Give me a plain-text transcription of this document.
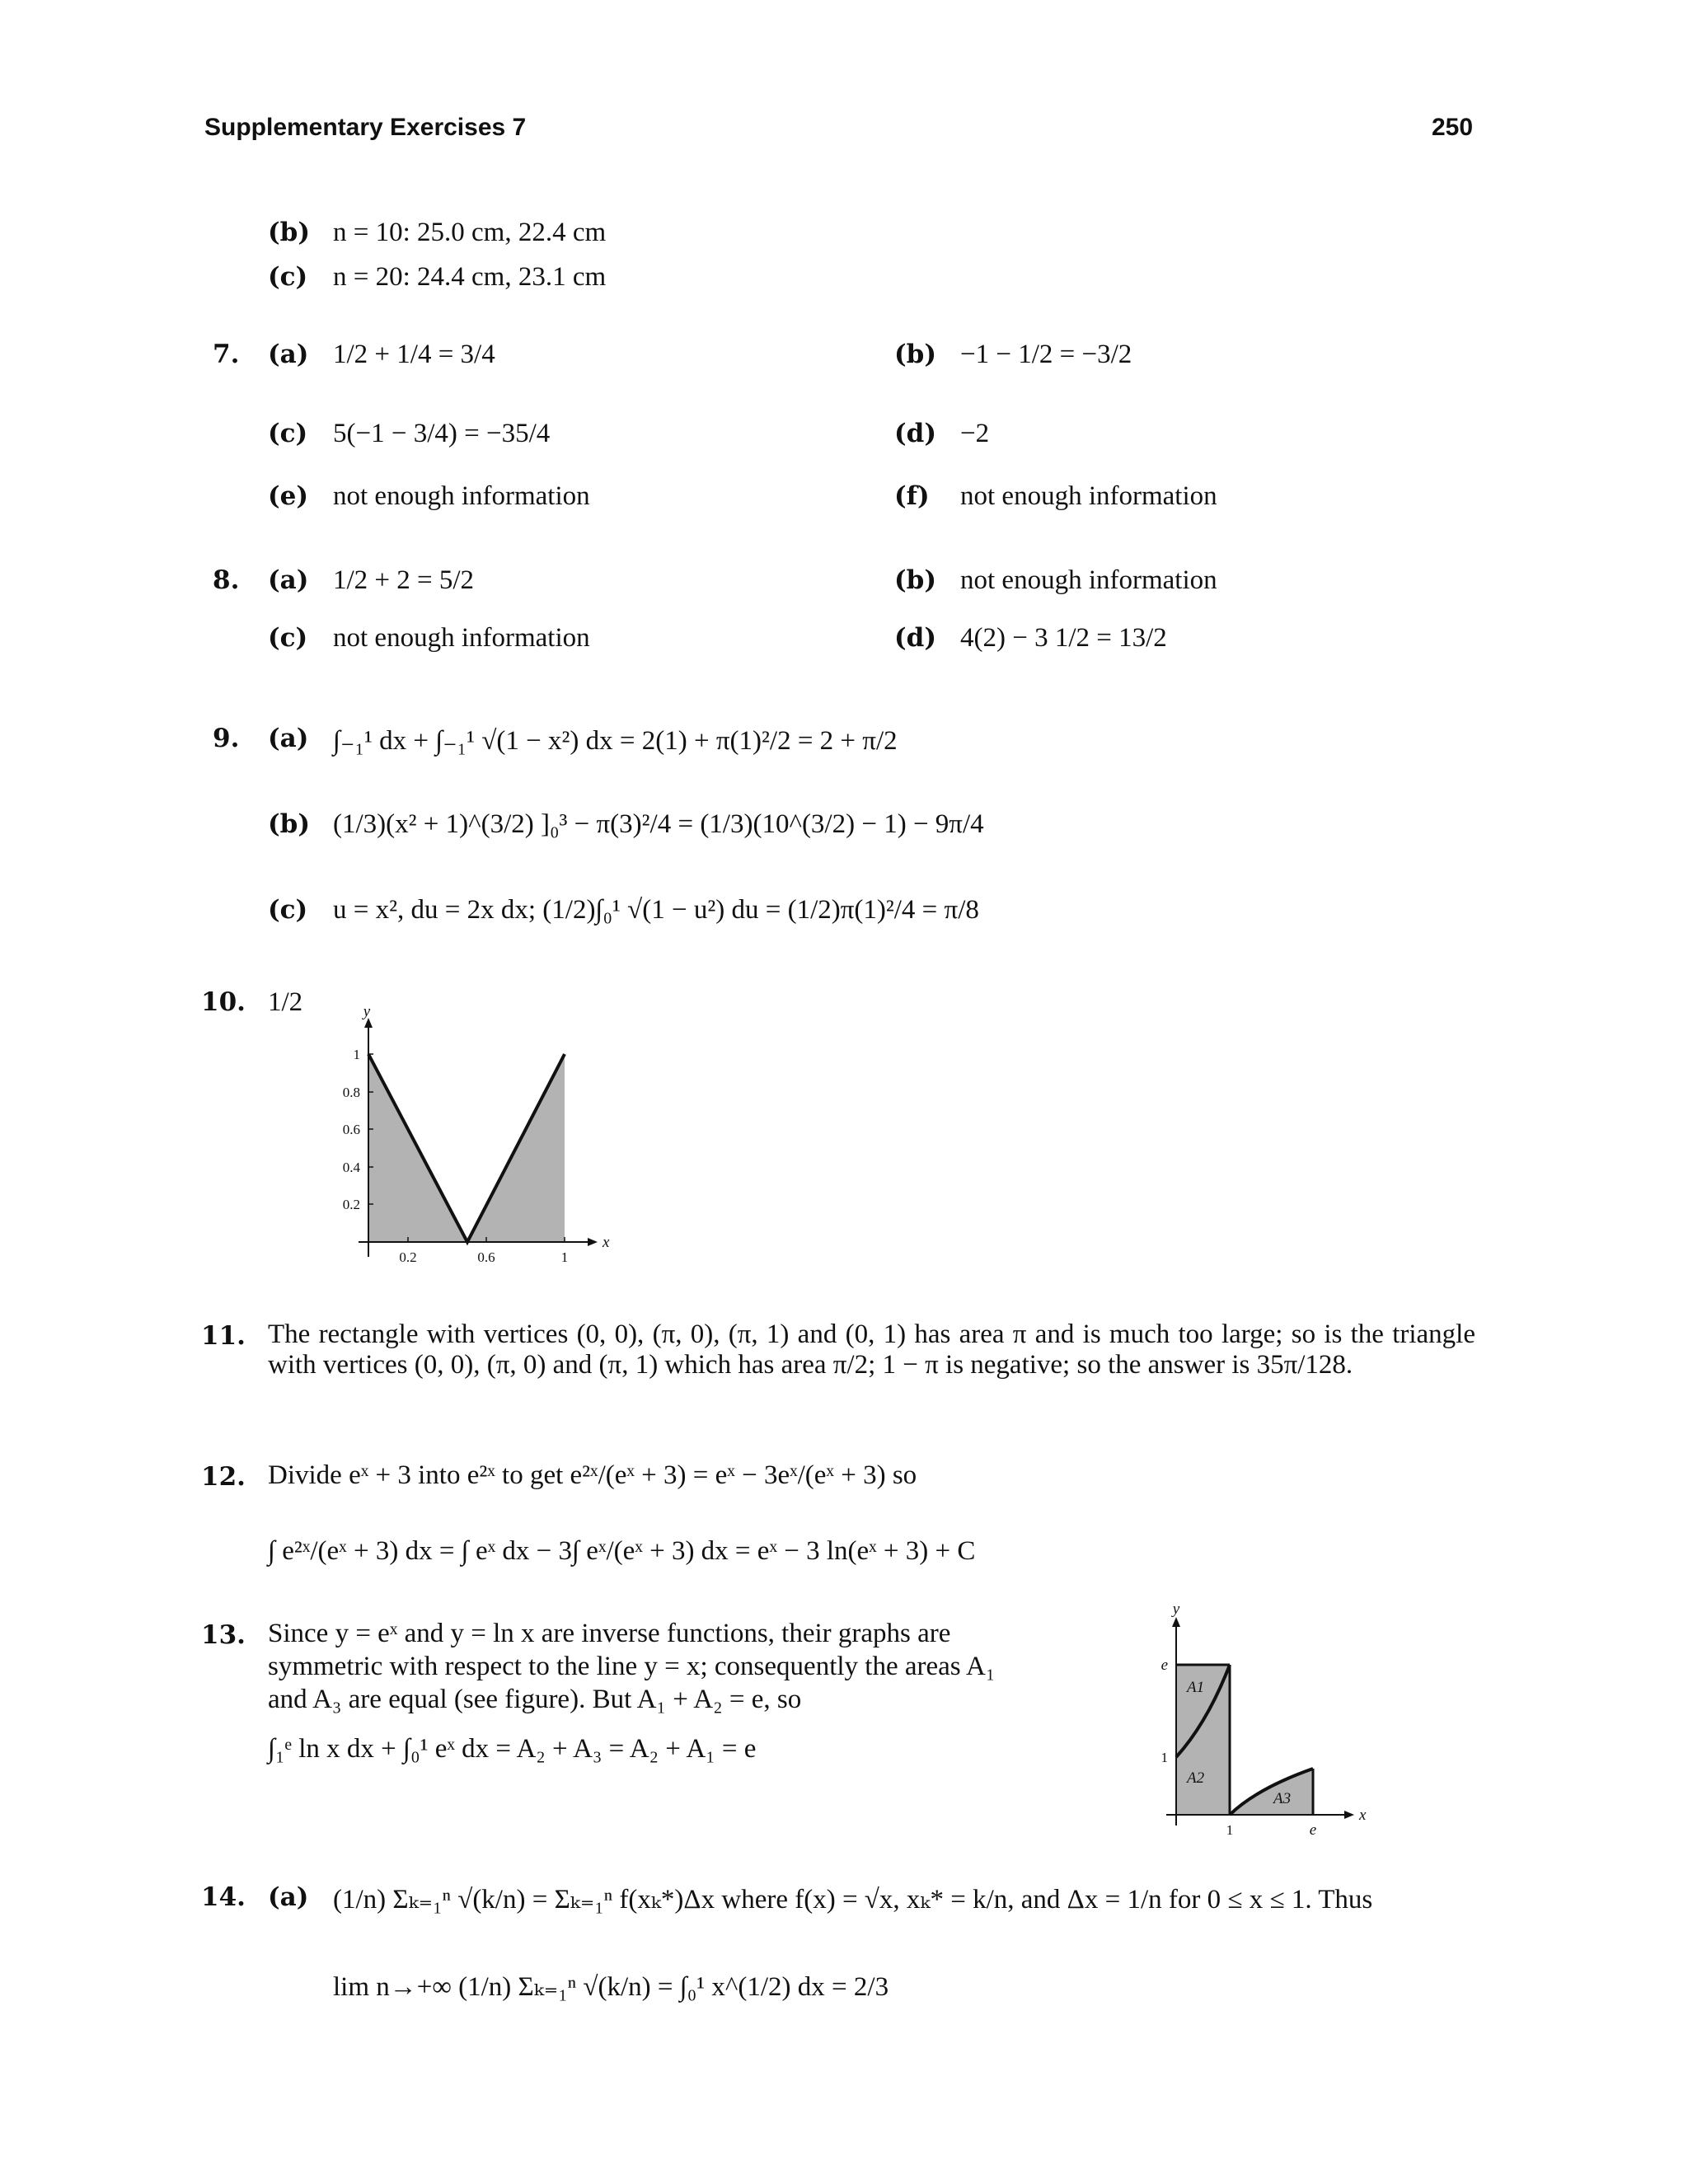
Supplementary Exercises 7	250
(b) n = 10: 25.0 cm, 22.4 cm
(c) n = 20: 24.4 cm, 23.1 cm
7. (a) 1/2 + 1/4 = 3/4	(b) −1 − 1/2 = −3/2
(c) 5(−1 − 3/4) = −35/4	(d) −2
(e) not enough information	(f) not enough information
8. (a) 1/2 + 2 = 5/2	(b) not enough information
(c) not enough information	(d) 4(2) − 3 1/2 = 13/2
9. (a) ∫₋₁¹ dx + ∫₋₁¹ √(1 − x²) dx = 2(1) + π(1)²/2 = 2 + π/2
(b) (1/3)(x² + 1)^(3/2) ]₀³ − π(3)²/4 = (1/3)(10^(3/2) − 1) − 9π/4
(c) u = x², du = 2x dx; (1/2)∫₀¹ √(1 − u²) du = (1/2)π(1)²/4 = π/8
10. 1/2	y
x
1
0.8
0.6
0.4
0.2
0.2	0.6	1
11. The rectangle with vertices (0, 0), (π, 0), (π, 1) and (0, 1) has area π and is much too large; so is the triangle with vertices (0, 0), (π, 0) and (π, 1) which has area π/2; 1 − π is negative; so the answer is 35π/128.
12. Divide eˣ + 3 into e²ˣ to get e²ˣ/(eˣ + 3) = eˣ − 3eˣ/(eˣ + 3) so
∫ e²ˣ/(eˣ + 3) dx = ∫ eˣ dx − 3∫ eˣ/(eˣ + 3) dx = eˣ − 3 ln(eˣ + 3) + C
13. Since y = eˣ and y = ln x are inverse functions, their graphs are
symmetric with respect to the line y = x; consequently the areas A₁
and A₃ are equal (see figure). But A₁ + A₂ = e, so
∫₁ᵉ ln x dx + ∫₀¹ eˣ dx = A₂ + A₃ = A₂ + A₁ = e
y
x
e
1
1	e
A1
A2
A3
14. (a) (1/n) Σₖ₌₁ⁿ √(k/n) = Σₖ₌₁ⁿ f(xₖ*)Δx where f(x) = √x, xₖ* = k/n, and Δx = 1/n for 0 ≤ x ≤ 1. Thus
lim n→+∞ (1/n) Σₖ₌₁ⁿ √(k/n) = ∫₀¹ x^(1/2) dx = 2/3
